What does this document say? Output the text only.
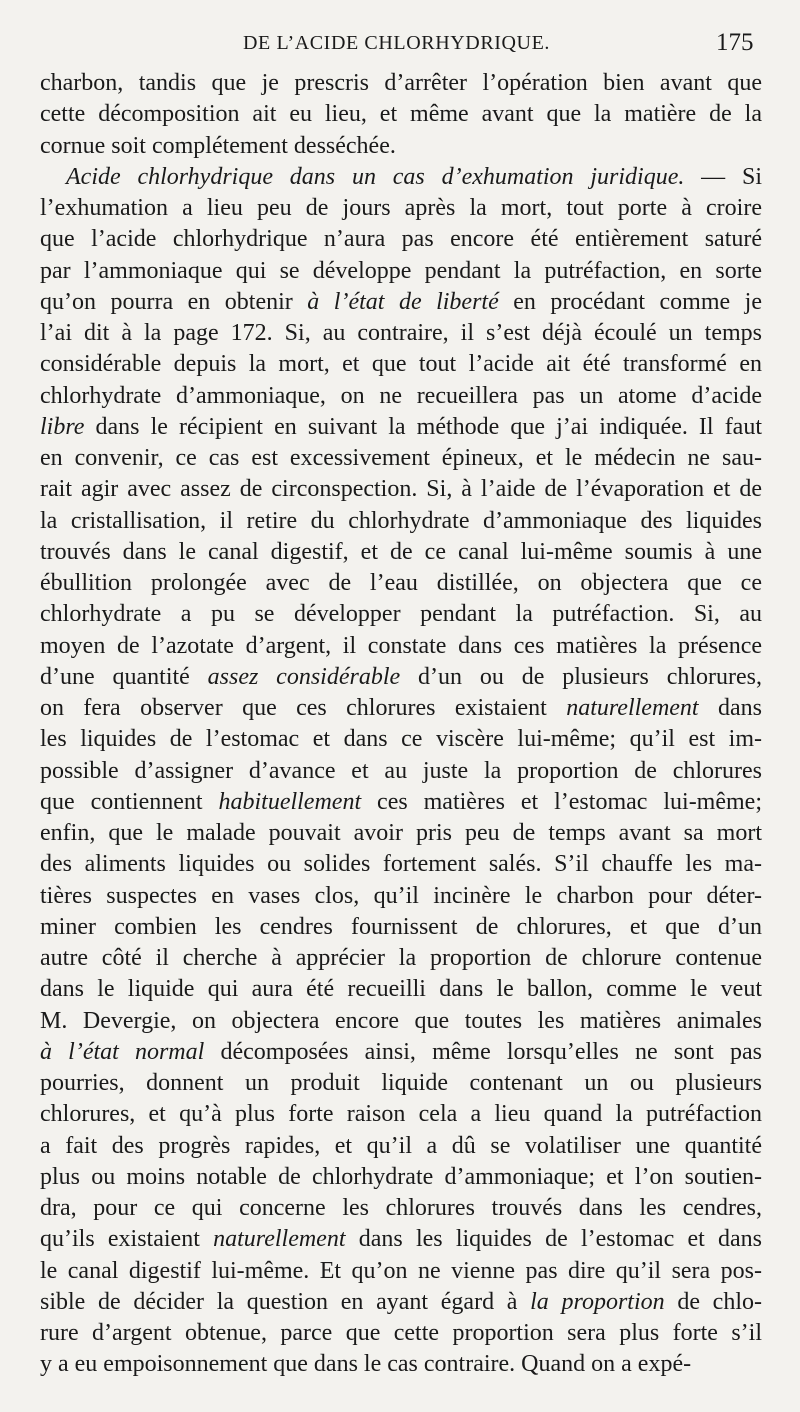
DE L’ACIDE CHLORHYDRIQUE.	175
charbon, tandis que je prescris d’arrêter l’opération bien avant que
cette décomposition ait eu lieu, et même avant que la matière de la
cornue soit complétement desséchée.
Acide chlorhydrique dans un cas d’exhumation juridique. — Si
l’exhumation a lieu peu de jours après la mort, tout porte à croire
que l’acide chlorhydrique n’aura pas encore été entièrement saturé
par l’ammoniaque qui se développe pendant la putréfaction, en sorte
qu’on pourra en obtenir à l’état de liberté en procédant comme je
l’ai dit à la page 172. Si, au contraire, il s’est déjà écoulé un temps
considérable depuis la mort, et que tout l’acide ait été transformé en
chlorhydrate d’ammoniaque, on ne recueillera pas un atome d’acide
libre dans le récipient en suivant la méthode que j’ai indiquée. Il faut
en convenir, ce cas est excessivement épineux, et le médecin ne sau-
rait agir avec assez de circonspection. Si, à l’aide de l’évaporation et de
la cristallisation, il retire du chlorhydrate d’ammoniaque des liquides
trouvés dans le canal digestif, et de ce canal lui-même soumis à une
ébullition prolongée avec de l’eau distillée, on objectera que ce
chlorhydrate a pu se développer pendant la putréfaction. Si, au
moyen de l’azotate d’argent, il constate dans ces matières la présence
d’une quantité assez considérable d’un ou de plusieurs chlorures,
on fera observer que ces chlorures existaient naturellement dans
les liquides de l’estomac et dans ce viscère lui-même; qu’il est im-
possible d’assigner d’avance et au juste la proportion de chlorures
que contiennent habituellement ces matières et l’estomac lui-même;
enfin, que le malade pouvait avoir pris peu de temps avant sa mort
des aliments liquides ou solides fortement salés. S’il chauffe les ma-
tières suspectes en vases clos, qu’il incinère le charbon pour déter-
miner combien les cendres fournissent de chlorures, et que d’un
autre côté il cherche à apprécier la proportion de chlorure contenue
dans le liquide qui aura été recueilli dans le ballon, comme le veut
M. Devergie, on objectera encore que toutes les matières animales
à l’état normal décomposées ainsi, même lorsqu’elles ne sont pas
pourries, donnent un produit liquide contenant un ou plusieurs
chlorures, et qu’à plus forte raison cela a lieu quand la putréfaction
a fait des progrès rapides, et qu’il a dû se volatiliser une quantité
plus ou moins notable de chlorhydrate d’ammoniaque; et l’on soutien-
dra, pour ce qui concerne les chlorures trouvés dans les cendres,
qu’ils existaient naturellement dans les liquides de l’estomac et dans
le canal digestif lui-même. Et qu’on ne vienne pas dire qu’il sera pos-
sible de décider la question en ayant égard à la proportion de chlo-
rure d’argent obtenue, parce que cette proportion sera plus forte s’il
y a eu empoisonnement que dans le cas contraire. Quand on a expé-
